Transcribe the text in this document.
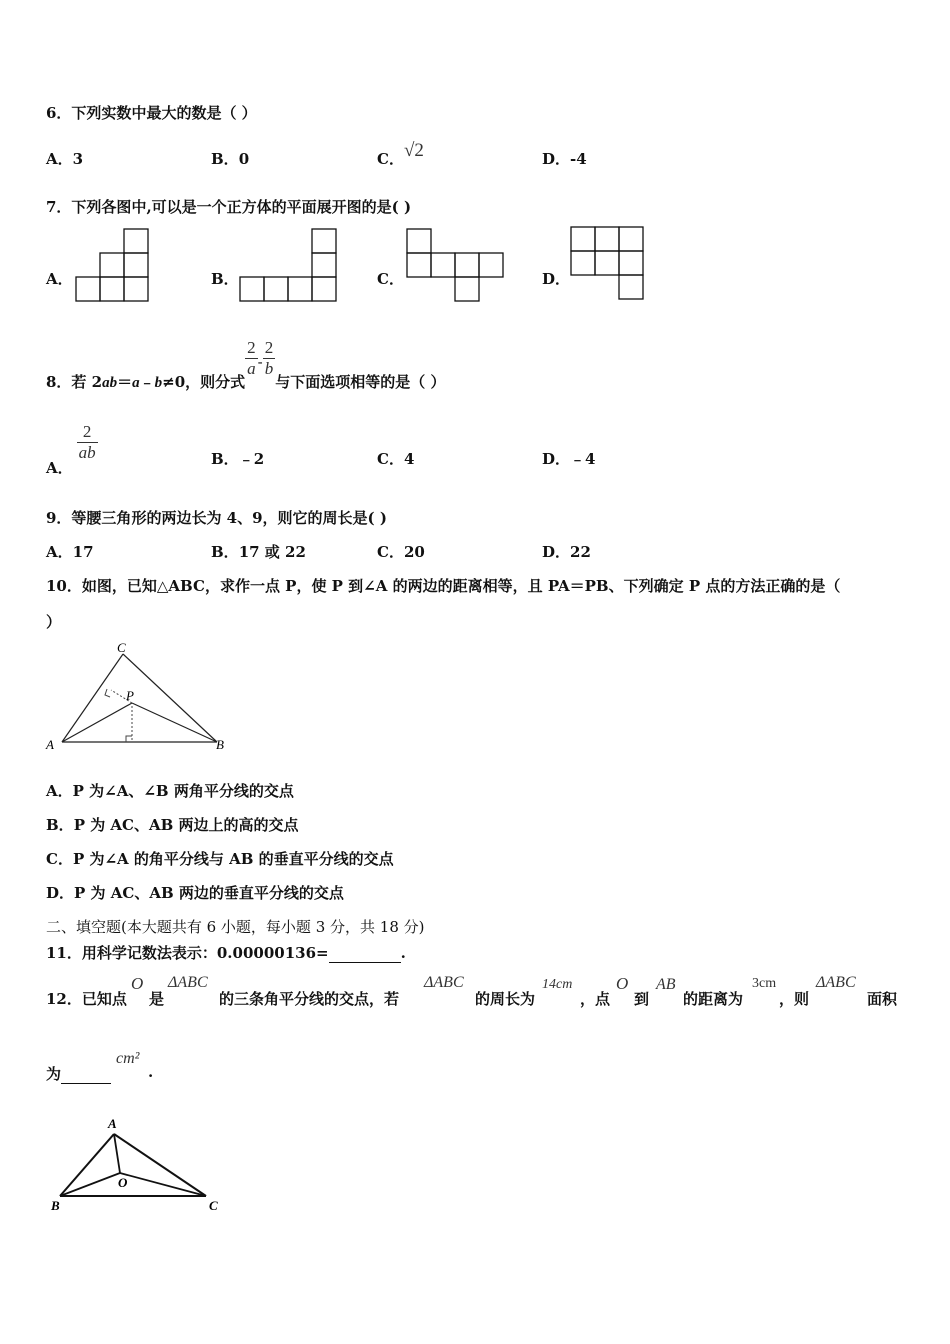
6．下列实数中最大的数是（ ）
A．3	B．0	C．√2	D．-4
7．下列各图中,可以是一个正方体的平面展开图的是( )
A．	B．	C．	D．
8．若 2ab＝a﹣b≠0，则分式
$\frac{2}{a} - \frac{2}{b}$
与下面选项相等的是（ ）
A．
$\frac{2}{ab}$	B．﹣2	C．4	D．﹣4
9．等腰三角形的两边长为 4、9，则它的周长是( )
A．17	B．17 或 22	C．20	D．22
10．如图，已知△ABC，求作一点 P，使 P 到∠A 的两边的距离相等，且 PA＝PB、下列确定 P 点的方法正确的是（
）
C
P
A	B
A．P 为∠A、∠B 两角平分线的交点
B．P 为 AC、AB 两边上的高的交点
C．P 为∠A 的角平分线与 AB 的垂直平分线的交点
D．P 为 AC、AB 两边的垂直平分线的交点
二、填空题(本大题共有 6 小题，每小题 3 分，共 18 分)
11．用科学记数法表示：0.00000136=	.
12．已知点
O
是
ΔABC
的三条角平分线的交点，若
ΔABC
的周长为
14cm
，点
O
到
AB
的距离为
3cm
，则
ΔABC
面积
为
cm²
.
A
O
B	C
